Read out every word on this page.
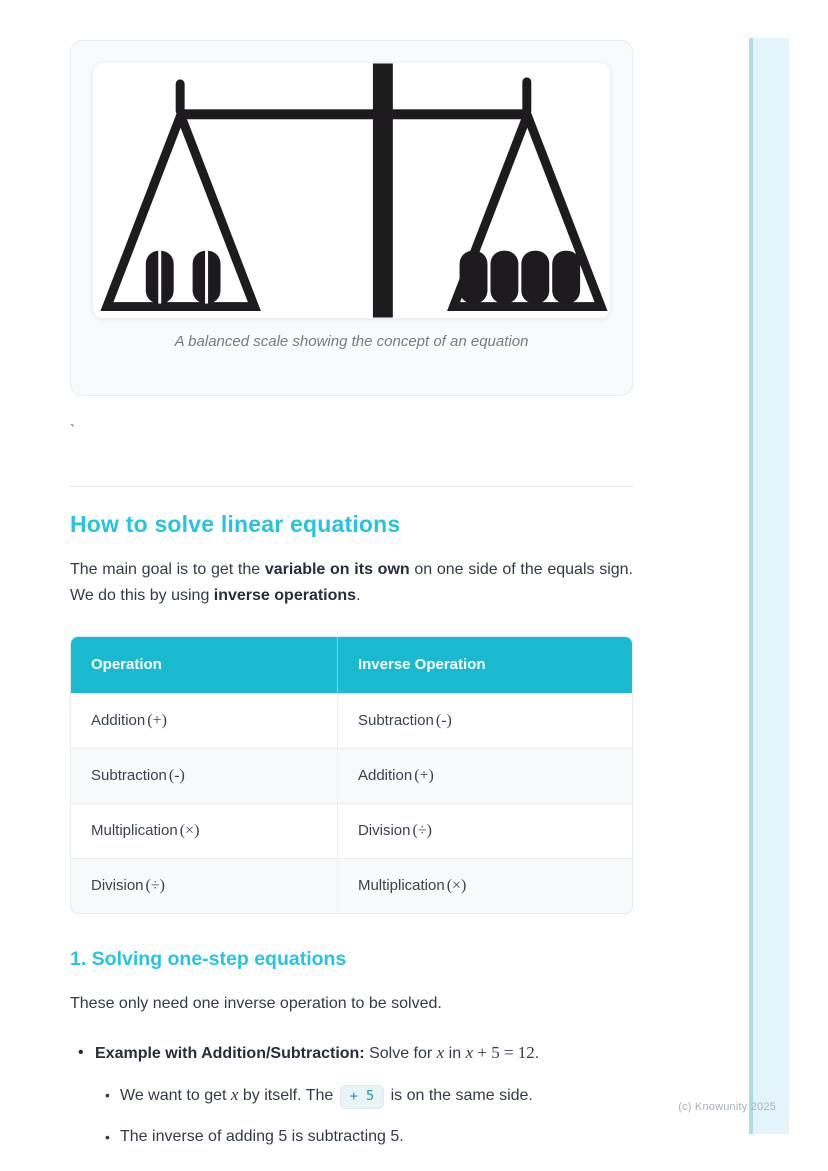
A balanced scale showing the concept of an equation
`
How to solve linear equations

The main goal is to get the variable on its own on one side of the equals sign. We do this by using inverse operations.

Operation	Inverse Operation
Addition (+)	Subtraction (-)
Subtraction (-)	Addition (+)
Multiplication (×)	Division (÷)
Division (÷)	Multiplication (×)
1. Solving one-step equations

These only need one inverse operation to be solved.

• Example with Addition/Subtraction: Solve for x in x + 5 = 12.
• We want to get x by itself. The + 5 is on the same side.
• The inverse of adding 5 is subtracting 5.
(c) Knowunity 2025
